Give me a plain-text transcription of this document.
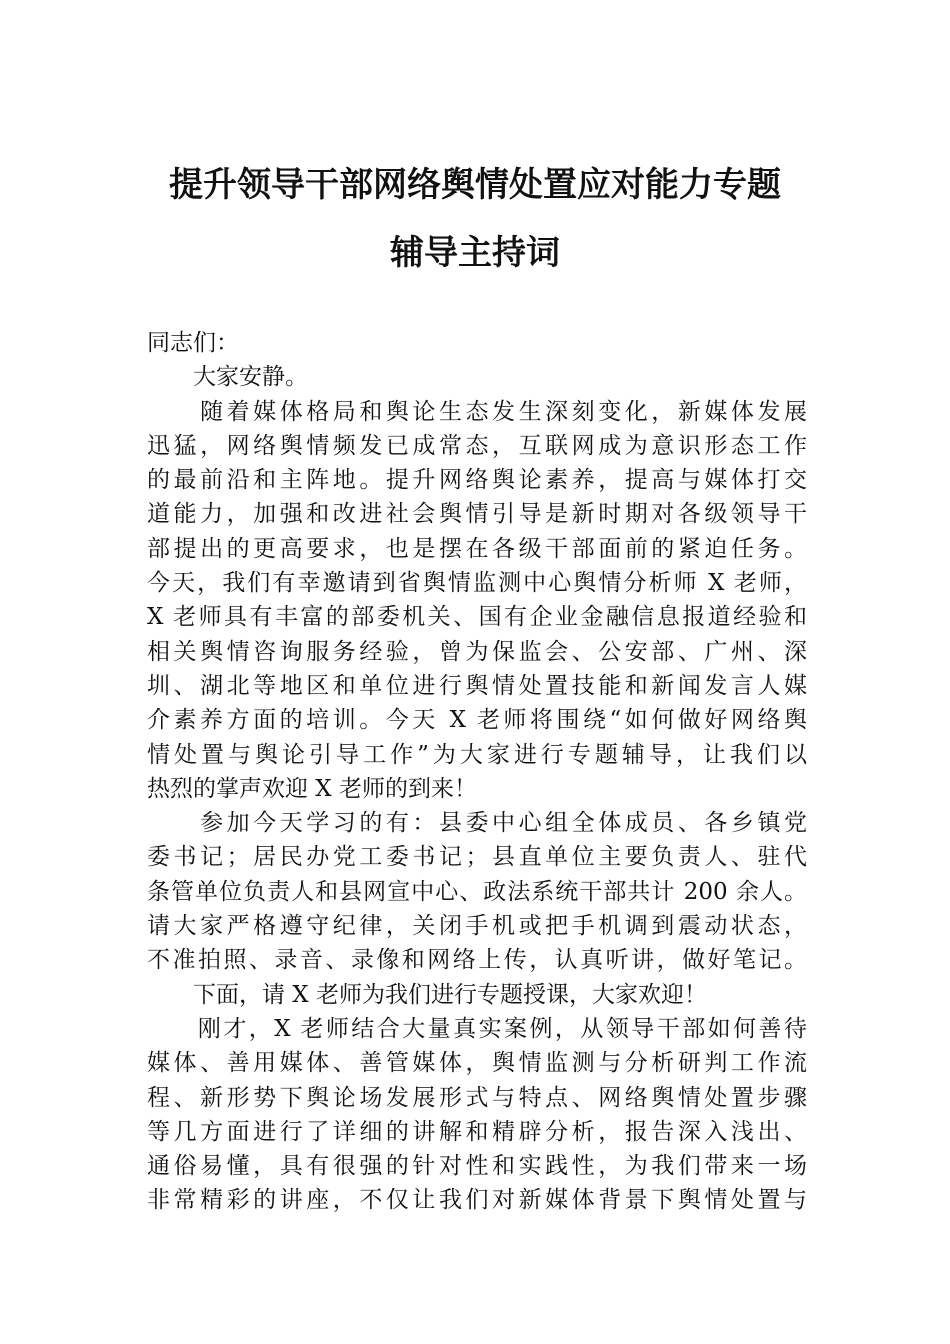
提升领导干部网络舆情处置应对能力专题
辅导主持词
同志们：
　　大家安静。
　　随着媒体格局和舆论生态发生深刻变化，新媒体发展
迅猛，网络舆情频发已成常态，互联网成为意识形态工作
的最前沿和主阵地。提升网络舆论素养，提高与媒体打交
道能力，加强和改进社会舆情引导是新时期对各级领导干
部提出的更高要求，也是摆在各级干部面前的紧迫任务。
今天，我们有幸邀请到省舆情监测中心舆情分析师 X 老师，
X 老师具有丰富的部委机关、国有企业金融信息报道经验和
相关舆情咨询服务经验，曾为保监会、公安部、广州、深
圳、湖北等地区和单位进行舆情处置技能和新闻发言人媒
介素养方面的培训。今天 X 老师将围绕“如何做好网络舆
情处置与舆论引导工作”为大家进行专题辅导，让我们以
热烈的掌声欢迎 X 老师的到来！
　　参加今天学习的有：县委中心组全体成员、各乡镇党
委书记；居民办党工委书记；县直单位主要负责人、驻代
条管单位负责人和县网宣中心、政法系统干部共计 200 余人。
请大家严格遵守纪律，关闭手机或把手机调到震动状态，
不准拍照、录音、录像和网络上传，认真听讲，做好笔记。
　　下面，请 X 老师为我们进行专题授课，大家欢迎！
　　刚才，X 老师结合大量真实案例，从领导干部如何善待
媒体、善用媒体、善管媒体，舆情监测与分析研判工作流
程、新形势下舆论场发展形式与特点、网络舆情处置步骤
等几方面进行了详细的讲解和精辟分析，报告深入浅出、
通俗易懂，具有很强的针对性和实践性，为我们带来一场
非常精彩的讲座，不仅让我们对新媒体背景下舆情处置与
